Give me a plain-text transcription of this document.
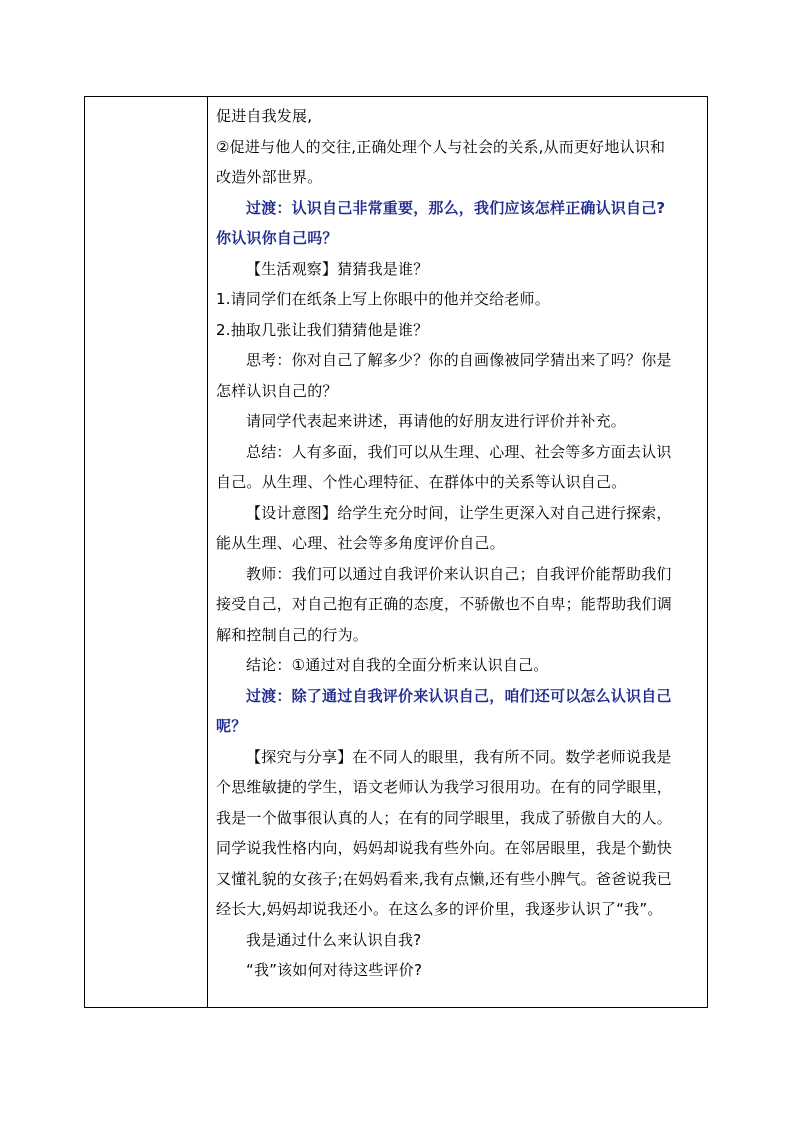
促进自我发展,
②促进与他人的交往,正确处理个人与社会的关系,从而更好地认识和
改造外部世界。
过渡：认识自己非常重要，那么，我们应该怎样正确认识自己?
你认识你自己吗？
【生活观察】猜猜我是谁？
1.请同学们在纸条上写上你眼中的他并交给老师。
2.抽取几张让我们猜猜他是谁？
思考：你对自己了解多少？你的自画像被同学猜出来了吗？你是
怎样认识自己的？
请同学代表起来讲述，再请他的好朋友进行评价并补充。
总结：人有多面，我们可以从生理、心理、社会等多方面去认识
自己。从生理、个性心理特征、在群体中的关系等认识自己。
【设计意图】给学生充分时间，让学生更深入对自己进行探索，
能从生理、心理、社会等多角度评价自己。
教师：我们可以通过自我评价来认识自己；自我评价能帮助我们
接受自己，对自己抱有正确的态度，不骄傲也不自卑；能帮助我们调
解和控制自己的行为。
结论：①通过对自我的全面分析来认识自己。
过渡：除了通过自我评价来认识自己，咱们还可以怎么认识自己
呢？
【探究与分享】在不同人的眼里，我有所不同。数学老师说我是
个思维敏捷的学生，语文老师认为我学习很用功。在有的同学眼里，
我是一个做事很认真的人；在有的同学眼里，我成了骄傲自大的人。
同学说我性格内向，妈妈却说我有些外向。在邻居眼里，我是个勤快
又懂礼貌的女孩子;在妈妈看来,我有点懒,还有些小脾气。爸爸说我已
经长大,妈妈却说我还小。在这么多的评价里，我逐步认识了“我”。
我是通过什么来认识自我?
“我”该如何对待这些评价?
